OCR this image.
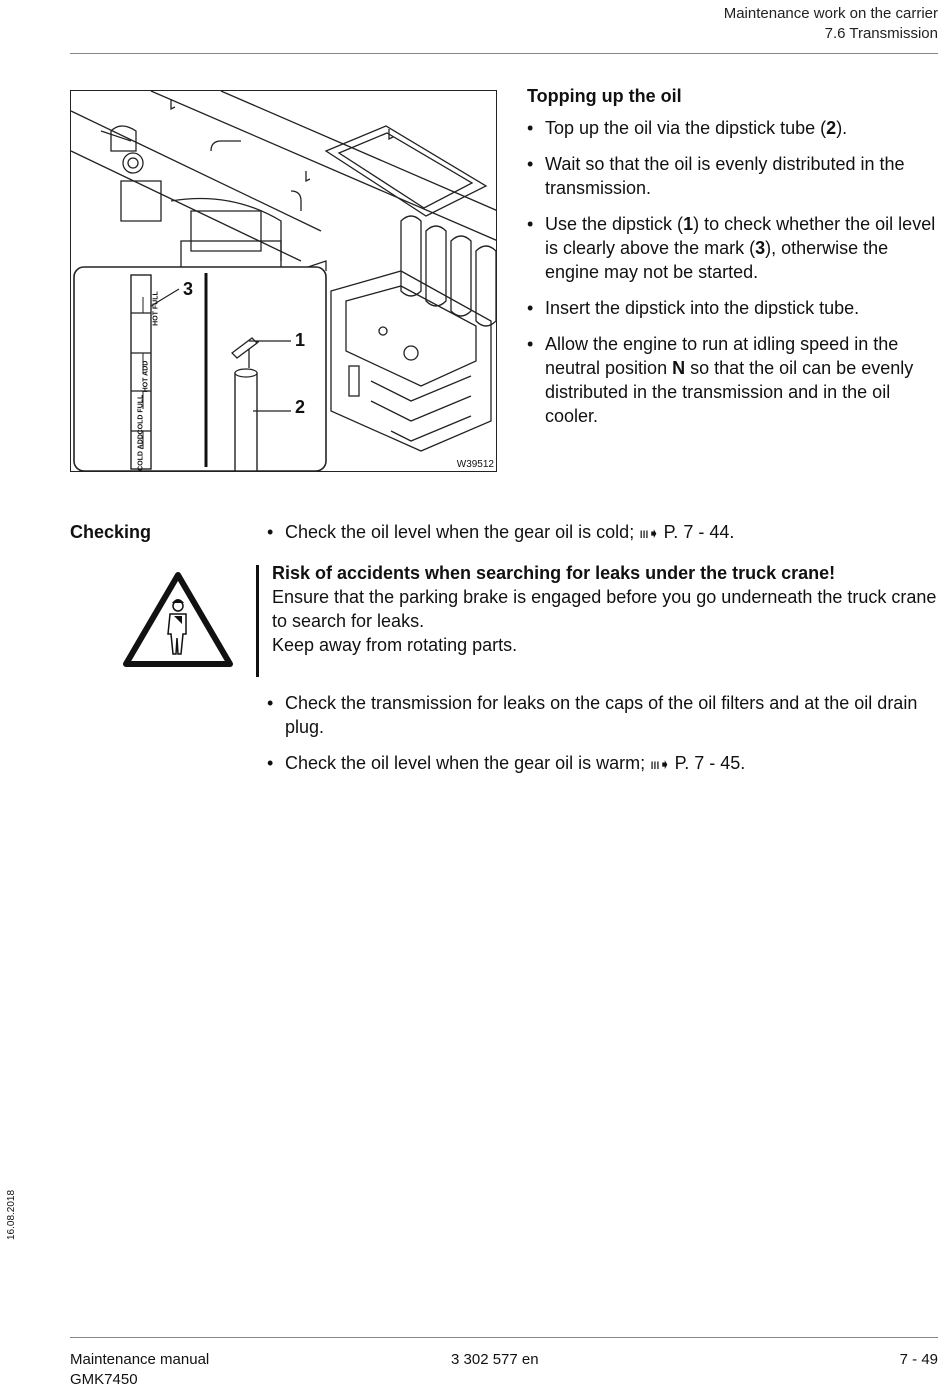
Maintenance work on the carrier
7.6 Transmission
3
1
2
HOT FULL
HOT ADD
COLD FULL
COLD ADD	W39512
Topping up the oil
• Top up the oil via the dipstick tube (2).
• Wait so that the oil is evenly distributed in the transmission.
• Use the dipstick (1) to check whether the oil level is clearly above the mark (3), otherwise the engine may not be started.
• Insert the dipstick into the dipstick tube.
• Allow the engine to run at idling speed in the neutral position N so that the oil can be evenly distributed in the transmission and in the oil cooler.
Checking
•	Check the oil level when the gear oil is cold; ııı➧ P. 7 - 44.
Risk of accidents when searching for leaks under the truck crane!
Ensure that the parking brake is engaged before you go underneath the truck crane to search for leaks.
Keep away from rotating parts.
• Check the transmission for leaks on the caps of the oil filters and at the oil drain plug.
• Check the oil level when the gear oil is warm; ııı➧ P. 7 - 45.
16.08.2018
Maintenance manual
GMK7450
3 302 577 en	7 - 49
